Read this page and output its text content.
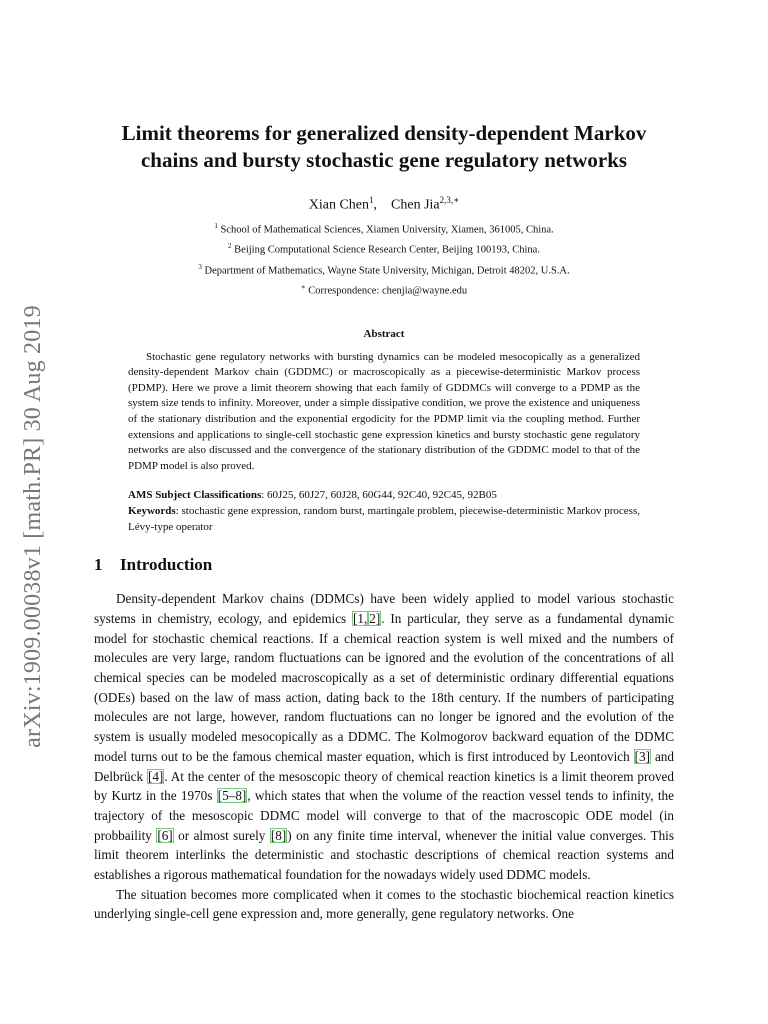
arXiv:1909.00038v1 [math.PR] 30 Aug 2019
Limit theorems for generalized density-dependent Markov
chains and bursty stochastic gene regulatory networks
Xian Chen$^1$, Chen Jia$^{2,3,∗}$
$^1$ School of Mathematical Sciences, Xiamen University, Xiamen, 361005, China.
$^2$ Beijing Computational Science Research Center, Beijing 100193, China.
$^3$ Department of Mathematics, Wayne State University, Michigan, Detroit 48202, U.S.A.
∗ Correspondence: chenjia@wayne.edu
Abstract
Stochastic gene regulatory networks with bursting dynamics can be modeled mesocopically as a generalized density-dependent Markov chain (GDDMC) or macroscopically as a piecewise-deterministic Markov process (PDMP). Here we prove a limit theorem showing that each family of GDDMCs will converge to a PDMP as the system size tends to infinity. Moreover, under a simple dissipative condition, we prove the existence and uniqueness of the stationary distribution and the exponential ergodicity for the PDMP limit via the coupling method. Further extensions and applications to single-cell stochastic gene expression kinetics and bursty stochastic gene regulatory networks are also discussed and the convergence of the stationary distribution of the GDDMC model to that of the PDMP model is also proved.
AMS Subject Classifications: 60J25, 60J27, 60J28, 60G44, 92C40, 92C45, 92B05
Keywords: stochastic gene expression, random burst, martingale problem, piecewise-deterministic Markov process, Lévy-type operator
1 Introduction

Density-dependent Markov chains (DDMCs) have been widely applied to model various stochastic systems in chemistry, ecology, and epidemics [1, 2]. In particular, they serve as a fundamental dynamic model for stochastic chemical reactions. If a chemical reaction system is well mixed and the numbers of molecules are very large, random fluctuations can be ignored and the evolution of the concentrations of all chemical species can be modeled macroscopically as a set of deterministic ordinary differential equations (ODEs) based on the law of mass action, dating back to the 18th century. If the numbers of participating molecules are not large, however, random fluctuations can no longer be ignored and the evolution of the system is usually modeled mesocopically as a DDMC. The Kolmogorov backward equation of the DDMC model turns out to be the famous chemical master equation, which is first introduced by Leontovich [3] and Delbrück [4]. At the center of the mesoscopic theory of chemical reaction kinetics is a limit theorem proved by Kurtz in the 1970s [5–8], which states that when the volume of the reaction vessel tends to infinity, the trajectory of the mesoscopic DDMC model will converge to that of the macroscopic ODE model (in probbaility [6] or almost surely [8]) on any finite time interval, whenever the initial value converges. This limit theorem interlinks the deterministic and stochastic descriptions of chemical reaction systems and establishes a rigorous mathematical foundation for the nowadays widely used DDMC models.

The situation becomes more complicated when it comes to the stochastic biochemical reaction kinetics underlying single-cell gene expression and, more generally, gene regulatory networks. One
